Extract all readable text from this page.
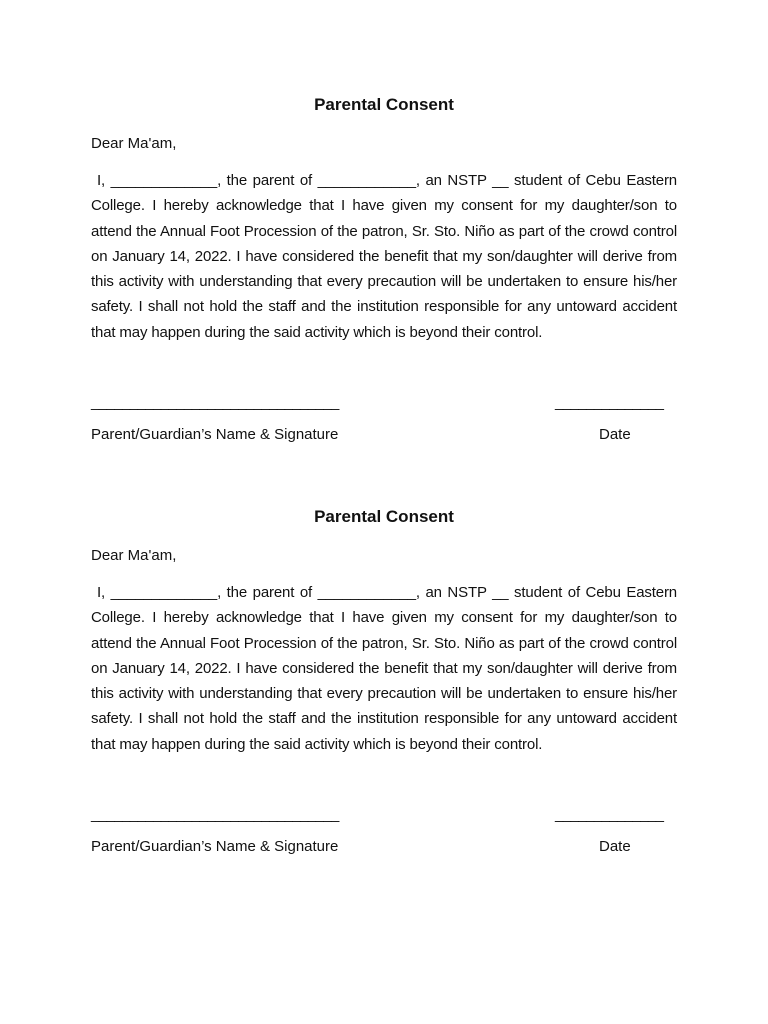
Parental Consent

Dear Ma'am,

I, _____________, the parent of ____________, an NSTP __ student of Cebu Eastern College. I hereby acknowledge that I have given my consent for my daughter/son to attend the Annual Foot Procession of the patron, Sr. Sto. Niño as part of the crowd control on January 14, 2022. I have considered the benefit that my son/daughter will derive from this activity with understanding that every precaution will be undertaken to ensure his/her safety. I shall not hold the staff and the institution responsible for any untoward accident that may happen during the said activity which is beyond their control.

________________________________	______________
Parent/Guardian’s Name & Signature	Date
Parental Consent

Dear Ma'am,

I, _____________, the parent of ____________, an NSTP __ student of Cebu Eastern College. I hereby acknowledge that I have given my consent for my daughter/son to attend the Annual Foot Procession of the patron, Sr. Sto. Niño as part of the crowd control on January 14, 2022. I have considered the benefit that my son/daughter will derive from this activity with understanding that every precaution will be undertaken to ensure his/her safety. I shall not hold the staff and the institution responsible for any untoward accident that may happen during the said activity which is beyond their control.

________________________________	______________
Parent/Guardian’s Name & Signature	Date
